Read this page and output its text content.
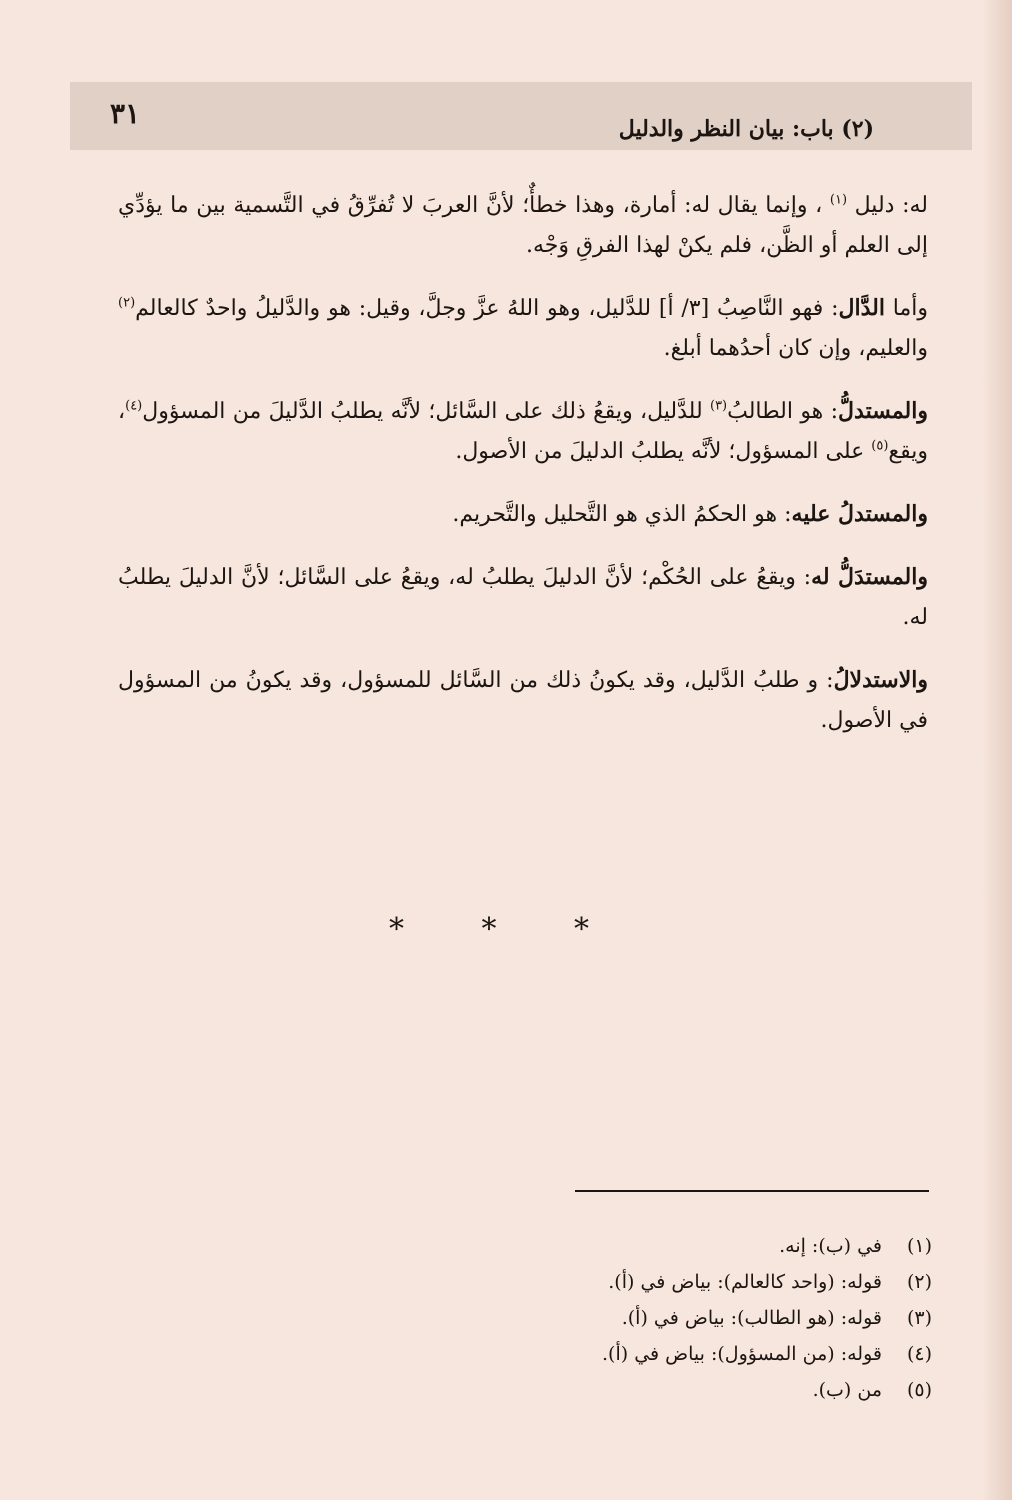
(٢) باب: بيان النظر والدليل
٣١

له: دليل $^{(١)}$ ، وإنما يقال له: أمارة، وهذا خطأٌ؛ لأنَّ العربَ لا تُفرِّقُ في التَّسمية بين ما يؤدِّي إلى العلم أو الظَّن، فلم يكنْ لهذا الفرقِ وَجْه.

وأما الدَّال: فهو النَّاصِبُ [٣/ أ] للدَّليل، وهو اللهُ عزَّ وجلَّ، وقيل: هو والدَّليلُ واحدٌ كالعالم$^{(٢)}$ والعليم، وإن كان أحدُهما أبلغ.

والمستدلُّ: هو الطالبُ$^{(٣)}$ للدَّليل، ويقعُ ذلك على السَّائل؛ لأنَّه يطلبُ الدَّليلَ من المسؤول$^{(٤)}$، ويقع$^{(٥)}$ على المسؤول؛ لأنَّه يطلبُ الدليلَ من الأصول.

والمستدلُ عليه: هو الحكمُ الذي هو التَّحليل والتَّحريم.

والمستدَلُّ له: ويقعُ على الحُكْم؛ لأنَّ الدليلَ يطلبُ له، ويقعُ على السَّائل؛ لأنَّ الدليلَ يطلبُ له.

والاستدلالُ: و طلبُ الدَّليل، وقد يكونُ ذلك من السَّائل للمسؤول، وقد يكونُ من المسؤول في الأصول.

* * *
(١)
في (ب): إنه.
(٢)
قوله: (واحد كالعالم): بياض في (أ).
(٣)
قوله: (هو الطالب): بياض في (أ).
(٤)
قوله: (من المسؤول): بياض في (أ).
(٥)
من (ب).
